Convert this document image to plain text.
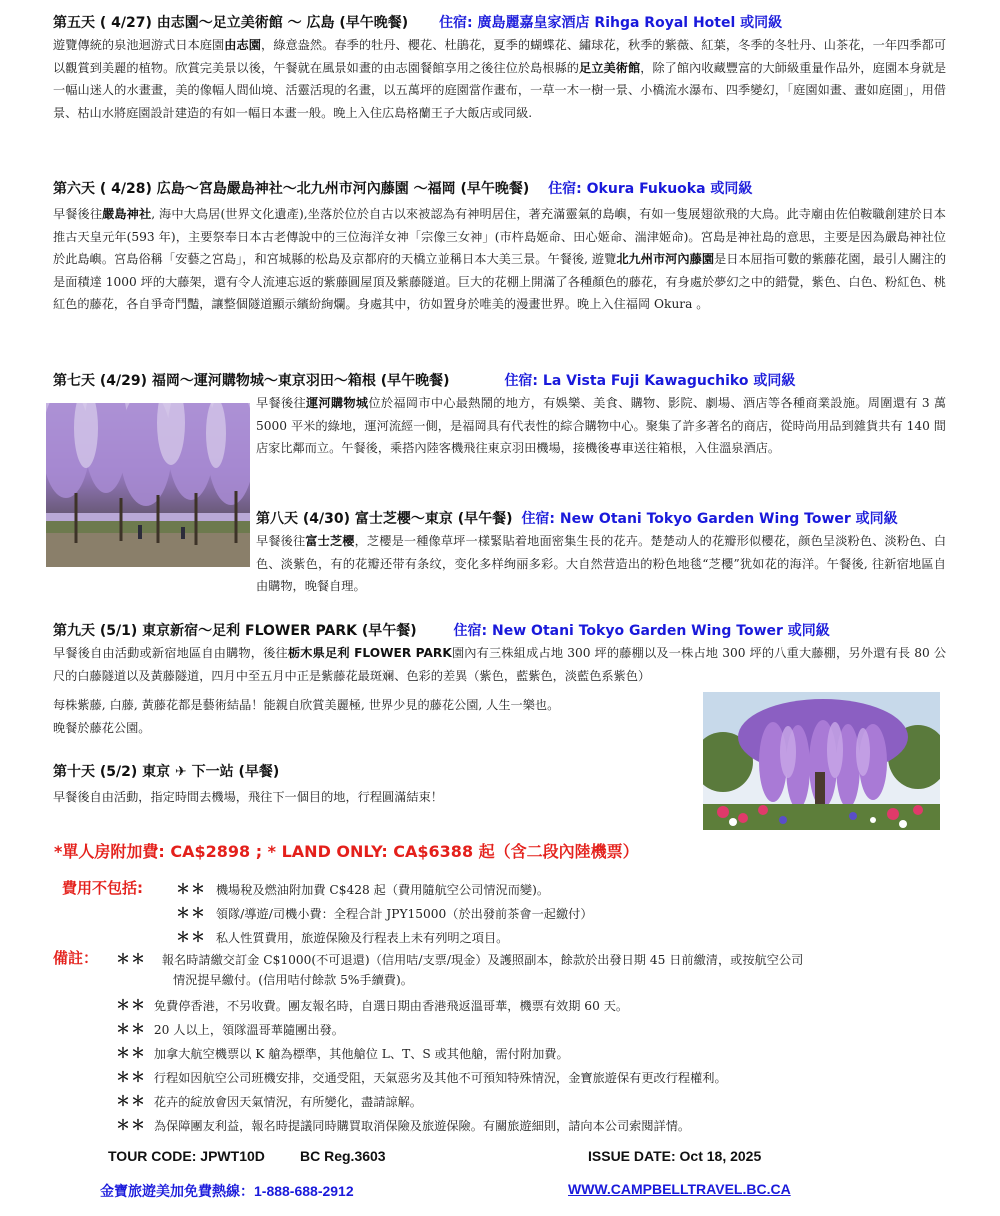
第五天 ( 4/27) 由志園～足立美術館 ～ 広島 (早午晚餐) 住宿: 廣島麗嘉皇家酒店 Rihga Royal Hotel 或同級
遊覽傳統的泉池迴游式日本庭園由志園，綠意盎然。春季的牡丹、櫻花、杜鵑花，夏季的蝴蝶花、繡球花，秋季的紫薇、紅葉，冬季的冬牡丹、山茶花，一年四季都可以觀賞到美麗的植物。欣賞完美景以後，午餐就在風景如畫的由志園餐館享用之後往位於島根縣的足立美術館，除了館內收藏豐富的大師級重量作品外，庭園本身就是一幅山迷人的水畫畫，美的像幅人間仙境、活靈活現的名畫，以五萬坪的庭園當作畫布，一草一木一樹一景、小橋流水瀑布、四季變幻，「庭園如畫、畫如庭園」，用借景、枯山水將庭園設計建造的有如一幅日本畫一般。晚上入住広島格蘭王子大飯店或同級.
第六天 ( 4/28) 広島～宮島嚴島神社～北九州市河內藤園 ～福岡 (早午晚餐) 住宿: Okura Fukuoka 或同級
早餐後往嚴島神社, 海中大鳥居(世界文化遺產),坐落於位於自古以來被認為有神明居住，著充滿靈氣的島嶼，有如一隻展翅欲飛的大鳥。此寺廟由佐伯鞍職創建於日本推古天皇元年(593 年)，主要祭奉日本古老傳說中的三位海洋女神「宗像三女神」(市杵島姬命、田心姬命、湍津姬命)。宮島是神社島的意思，主要是因為嚴島神社位於此島嶼。宮島俗稱「安藝之宮島」，和宮城縣的松島及京都府的天橋立並稱日本大美三景。午餐後, 遊覽北九州市河內藤園是日本屈指可數的紫藤花園，最引人關注的是面積達 1000 坪的大藤架，還有令人流連忘返的紫藤圓屋頂及紫藤隧道。巨大的花棚上開滿了各種顏色的藤花，有身處於夢幻之中的錯覺，紫色、白色、粉紅色、桃紅色的藤花，各自爭奇鬥豔，讓整個隧道顯示繽紛絢爛。身處其中，彷如置身於唯美的漫畫世界。晚上入住福岡 Okura 。
第七天 (4/29) 福岡～運河購物城～東京羽田～箱根 (早午晚餐)	住宿: La Vista Fuji Kawaguchiko 或同級
早餐後往運河購物城位於福岡市中心最熱鬧的地方，有娛樂、美食、購物、影院、劇場、酒店等各種商業設施。周圍還有 3 萬 5000 平米的綠地，運河流經一側，是福岡具有代表性的綜合購物中心。聚集了許多著名的商店，從時尚用品到雜貨共有 140 間店家比鄰而立。午餐後，乘搭內陸客機飛往東京羽田機場，接機後專車送往箱根，入住溫泉酒店。
第八天 (4/30) 富士芝櫻～東京 (早午餐) 住宿: New Otani Tokyo Garden Wing Tower 或同級
早餐後往富士芝櫻，芝櫻是一種像草坪一樣緊貼着地面密集生長的花卉。楚楚动人的花瓣形似櫻花，颜色呈淡粉色、淡粉色、白色、淡紫色，有的花瓣还带有条纹，变化多样绚丽多彩。大自然营造出的粉色地毯“芝櫻”犹如花的海洋。午餐後, 往新宿地區自由購物，晚餐自理。
第九天 (5/1) 東京新宿～足利 FLOWER PARK (早午餐)	住宿: New Otani Tokyo Garden Wing Tower 或同級
早餐後自由活動或新宿地區自由購物，後往栃木県足利 FLOWER PARK園內有三株組成占地 300 坪的藤棚以及一株占地 300 坪的八重大藤棚，另外還有長 80 公尺的白藤隧道以及黃藤隧道，四月中至五月中正是紫藤花最斑斓、色彩的差異（紫色，藍紫色，淡藍色系紫色）
每株紫藤, 白藤, 黃藤花都是藝術結晶！能親自欣賞美麗極, 世界少見的藤花公園, 人生一樂也。
晚餐於藤花公園。
第十天 (5/2) 東京 ✈ 下一站 (早餐)
早餐後自由活動，指定時間去機場，飛往下一個目的地，行程圓滿結束！
*單人房附加費: CA$2898 ; * LAND ONLY: CA$6388 起（含二段內陸機票）
費用不包括: ＊＊ 機場稅及燃油附加費 C$428 起（費用隨航空公司情況而變)。
＊＊ 領隊/導遊/司機小費：全程合計 JPY15000（於出發前茶會一起繳付）
＊＊ 私人性質費用，旅遊保險及行程表上未有列明之項目。
備註： ＊＊ 報名時請繳交訂金 C$1000(不可退還)（信用咭/支票/現金）及護照副本，餘款於出發日期 45 日前繳清，或按航空公司
情況提早繳付。(信用咭付餘款 5%手續費)。
＊＊ 免費停香港，不另收費。團友報名時，自選日期由香港飛返溫哥華，機票有效期 60 天。
＊＊ 20 人以上，領隊溫哥華隨團出發。
＊＊ 加拿大航空機票以 K 艙為標準，其他艙位 L、T、S 或其他艙，需付附加費。
＊＊ 行程如因航空公司班機安排，交通受阻，天氣惡劣及其他不可預知特殊情況，金寶旅遊保有更改行程權利。
＊＊ 花卉的綻放會因天氣情況，有所變化，盡請諒解。
＊＊ 為保障團友利益，報名時提議同時購買取消保險及旅遊保險。有關旅遊細則，請向本公司索閱詳情。
TOUR CODE: JPWT10D	BC Reg.3603	ISSUE DATE: Oct 18, 2025
金寶旅遊美加免費熱線：1-888-688-2912	WWW.CAMPBELLTRAVEL.BC.CA
